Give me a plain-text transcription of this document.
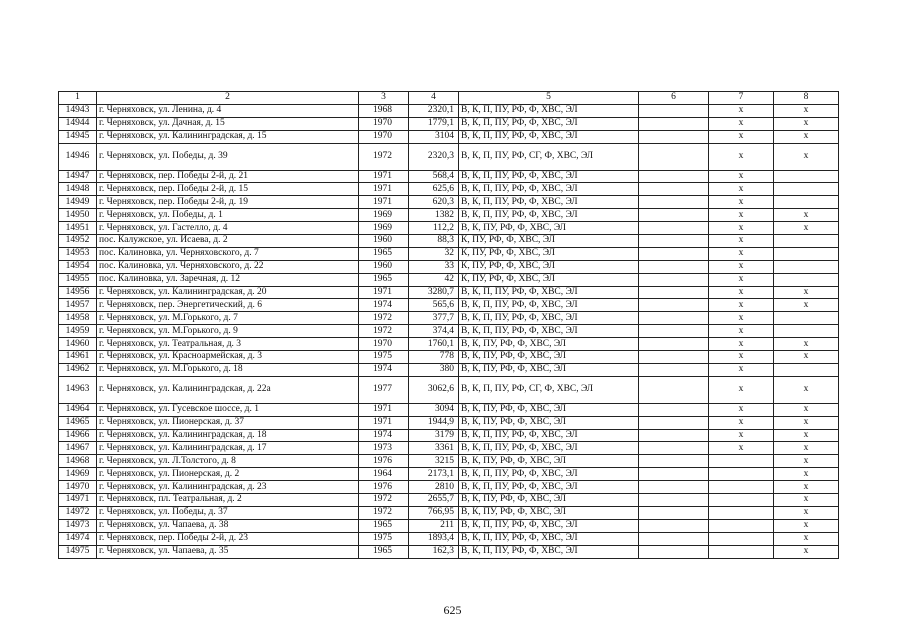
1	2	3	4	5	6	7	8
14943	г. Черняховск, ул. Ленина, д. 4	1968	2320,1	В, К, П, ПУ, РФ, Ф, ХВС, ЭЛ		x	x
14944	г. Черняховск, ул. Дачная, д. 15	1970	1779,1	В, К, П, ПУ, РФ, Ф, ХВС, ЭЛ		x	x
14945	г. Черняховск, ул. Калининградская, д. 15	1970	3104	В, К, П, ПУ, РФ, Ф, ХВС, ЭЛ		x	x
14946	г. Черняховск, ул. Победы, д. 39	1972	2320,3	В, К, П, ПУ, РФ, СГ, Ф, ХВС, ЭЛ		x	x
14947	г. Черняховск, пер. Победы 2-й, д. 21	1971	568,4	В, К, П, ПУ, РФ, Ф, ХВС, ЭЛ		x	
14948	г. Черняховск, пер. Победы 2-й, д. 15	1971	625,6	В, К, П, ПУ, РФ, Ф, ХВС, ЭЛ		x	
14949	г. Черняховск, пер. Победы 2-й, д. 19	1971	620,3	В, К, П, ПУ, РФ, Ф, ХВС, ЭЛ		x	
14950	г. Черняховск, ул. Победы, д. 1	1969	1382	В, К, П, ПУ, РФ, Ф, ХВС, ЭЛ		x	x
14951	г. Черняховск, ул. Гастелло, д. 4	1969	112,2	В, К, ПУ, РФ, Ф, ХВС, ЭЛ		x	x
14952	пос. Калужское, ул. Исаева, д. 2	1960	88,3	К, ПУ, РФ, Ф, ХВС, ЭЛ		x	
14953	пос. Калиновка, ул. Черняховского, д. 7	1965	32	К, ПУ, РФ, Ф, ХВС, ЭЛ		x	
14954	пос. Калиновка, ул. Черняховского, д. 22	1960	33	К, ПУ, РФ, Ф, ХВС, ЭЛ		x	
14955	пос. Калиновка, ул. Заречная, д. 12	1965	42	К, ПУ, РФ, Ф, ХВС, ЭЛ		x	
14956	г. Черняховск, ул. Калининградская, д. 20	1971	3280,7	В, К, П, ПУ, РФ, Ф, ХВС, ЭЛ		x	x
14957	г. Черняховск, пер. Энергетический, д. 6	1974	565,6	В, К, П, ПУ, РФ, Ф, ХВС, ЭЛ		x	x
14958	г. Черняховск, ул. М.Горького, д. 7	1972	377,7	В, К, П, ПУ, РФ, Ф, ХВС, ЭЛ		x	
14959	г. Черняховск, ул. М.Горького, д. 9	1972	374,4	В, К, П, ПУ, РФ, Ф, ХВС, ЭЛ		x	
14960	г. Черняховск, ул. Театральная, д. 3	1970	1760,1	В, К, ПУ, РФ, Ф, ХВС, ЭЛ		x	x
14961	г. Черняховск, ул. Красноармейская, д. 3	1975	778	В, К, ПУ, РФ, Ф, ХВС, ЭЛ		x	x
14962	г. Черняховск, ул. М.Горького, д. 18	1974	380	В, К, ПУ, РФ, Ф, ХВС, ЭЛ		x	
14963	г. Черняховск, ул. Калининградская, д. 22а	1977	3062,6	В, К, П, ПУ, РФ, СГ, Ф, ХВС, ЭЛ		x	x
14964	г. Черняховск, ул. Гусевское шоссе, д. 1	1971	3094	В, К, ПУ, РФ, Ф, ХВС, ЭЛ		x	x
14965	г. Черняховск, ул. Пионерская, д. 37	1971	1944,9	В, К, ПУ, РФ, Ф, ХВС, ЭЛ		x	x
14966	г. Черняховск, ул. Калининградская, д. 18	1974	3179	В, К, П, ПУ, РФ, Ф, ХВС, ЭЛ		x	x
14967	г. Черняховск, ул. Калининградская, д. 17	1973	3361	В, К, П, ПУ, РФ, Ф, ХВС, ЭЛ		x	x
14968	г. Черняховск, ул. Л.Толстого, д. 8	1976	3215	В, К, ПУ, РФ, Ф, ХВС, ЭЛ			x
14969	г. Черняховск, ул. Пионерская, д. 2	1964	2173,1	В, К, П, ПУ, РФ, Ф, ХВС, ЭЛ			x
14970	г. Черняховск, ул. Калининградская, д. 23	1976	2810	В, К, П, ПУ, РФ, Ф, ХВС, ЭЛ			x
14971	г. Черняховск, пл. Театральная, д. 2	1972	2655,7	В, К, ПУ, РФ, Ф, ХВС, ЭЛ			x
14972	г. Черняховск, ул. Победы, д. 37	1972	766,95	В, К, ПУ, РФ, Ф, ХВС, ЭЛ			x
14973	г. Черняховск, ул. Чапаева, д. 38	1965	211	В, К, П, ПУ, РФ, Ф, ХВС, ЭЛ			x
14974	г. Черняховск, пер. Победы 2-й, д. 23	1975	1893,4	В, К, П, ПУ, РФ, Ф, ХВС, ЭЛ			x
14975	г. Черняховск, ул. Чапаева, д. 35	1965	162,3	В, К, П, ПУ, РФ, Ф, ХВС, ЭЛ			x
625
